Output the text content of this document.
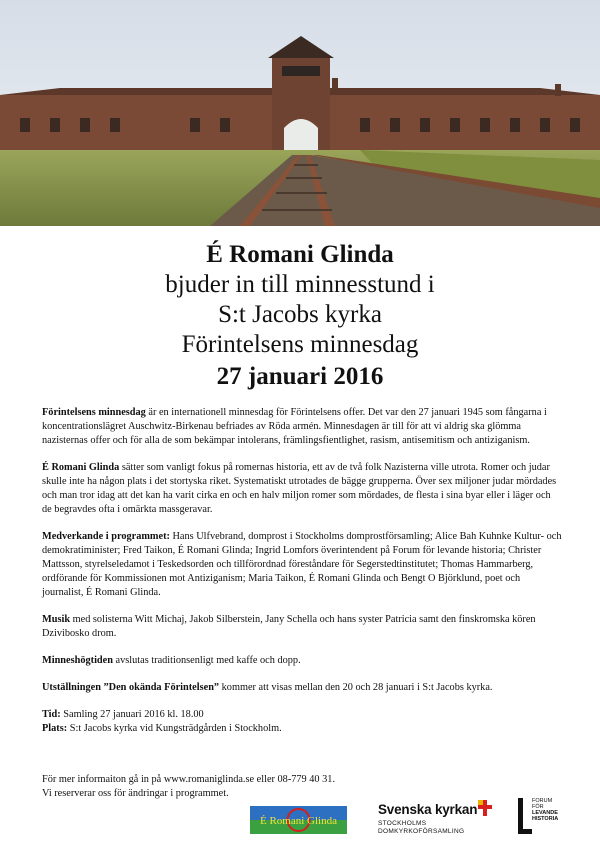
É Romani Glinda
bjuder in till minnesstund i
S:t Jacobs kyrka
Förintelsens minnesdag
27 januari 2016

Förintelsens minnesdag är en internationell minnesdag för Förintelsens offer. Det var den 27 januari 1945 som fångarna i koncentrationslägret Auschwitz-Birkenau befriades av Röda armén. Minnesdagen är till för att vi aldrig ska glömma nazisternas offer och för alla de som bekämpar intolerans, främlingsfientlighet, rasism, antisemitism och antiziganism.

É Romani Glinda sätter som vanligt fokus på romernas historia, ett av de två folk Nazisterna ville utrota. Romer och judar skulle inte ha någon plats i det stortyska riket. Systematiskt utrotades de bägge grupperna. Över sex miljoner judar mördades och man tror idag att det kan ha varit cirka en och en halv miljon romer som mördades, de flesta i sina byar eller i läger och de begravdes ofta i omärkta massgeravar.

Medverkande i programmet: Hans Ulfvebrand, domprost i Stockholms domprostförsamling; Alice Bah Kuhnke Kultur- och demokratiminister; Fred Taikon, É Romani Glinda; Ingrid Lomfors överintendent på Forum för levande historia; Christer Mattsson, styrelseledamot i Teskedsorden och tillförordnad föreståndare för Segerstedtinstitutet; Thomas Hammarberg, ordförande för Kommissionen mot Antiziganism; Maria Taikon, É Romani Glinda och Bengt O Björklund, poet och journalist, É Romani Glinda.

Musik med solisterna Witt Michaj, Jakob Silberstein, Jany Schella och hans syster Patricia samt den finskromska kören Dzivibosko drom.

Minneshögtiden avslutas traditionsenligt med kaffe och dopp.

Utställningen ”Den okända Förintelsen” kommer att visas mellan den 20 och 28 januari i S:t Jacobs kyrka.

Tid: Samling 27 januari 2016 kl. 18.00

Plats: S:t Jacobs kyrka vid Kungsträdgården i Stockholm.

För mer informaiton gå in på www.romaniglinda.se eller 08-779 40 31.
Vi reserverar oss för ändringar i programmet.
É Romani Glinda
Svenska kyrkan
STOCKHOLMS
DOMKYRKOFÖRSAMLING
FORUM
FÖR
LEVANDE
HISTORIA
